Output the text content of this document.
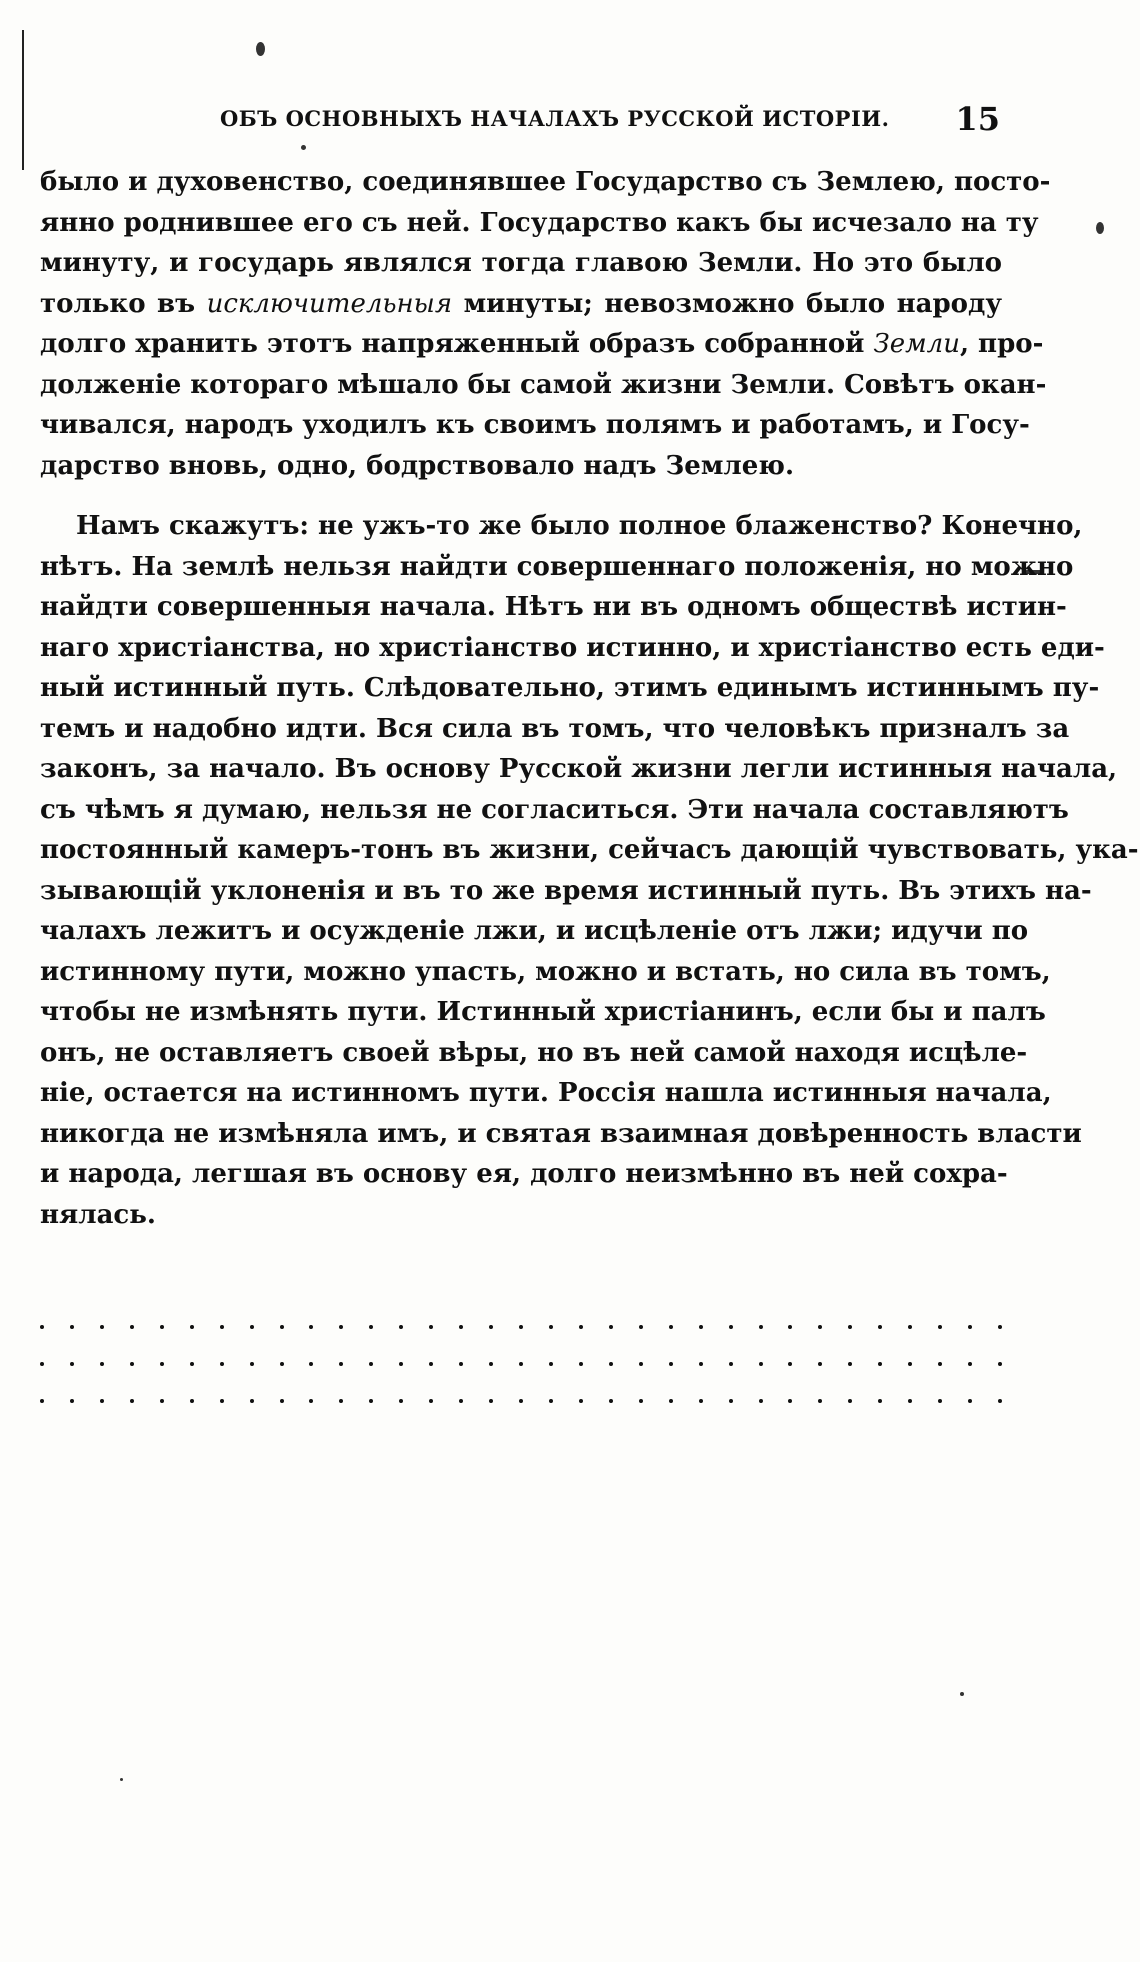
ОБЪ ОСНОВНЫХЪ НАЧАЛАХЪ РУССКОЙ ИСТОРІИ. 15
было и духовенство, соединявшее Государство съ Землею, посто-
янно роднившее его съ ней. Государство какъ бы исчезало на ту
минуту, и государь являлся тогда главою Земли. Но это было
только въ исключительныя минуты; невозможно было народу
долго хранить этотъ напряженный образъ собранной Земли, про-
долженіе котораго мѣшало бы самой жизни Земли. Совѣтъ окан-
чивался, народъ уходилъ къ своимъ полямъ и работамъ, и Госу-
дарство вновь, одно, бодрствовало надъ Землею.
Намъ скажутъ: не ужъ-то же было полное блаженство? Конечно,
нѣтъ. На землѣ нельзя найдти совершеннаго положенія, но можно
найдти совершенныя начала. Нѣтъ ни въ одномъ обществѣ истин-
наго христіанства, но христіанство истинно, и христіанство есть еди-
ный истинный путь. Слѣдовательно, этимъ единымъ истиннымъ пу-
темъ и надобно идти. Вся сила въ томъ, что человѣкъ призналъ за
законъ, за начало. Въ основу Русской жизни легли истинныя начала,
съ чѣмъ я думаю, нельзя не согласиться. Эти начала составляютъ
постоянный камеръ-тонъ въ жизни, сейчасъ дающій чувствовать, ука-
зывающій уклоненія и въ то же время истинный путь. Въ этихъ на-
чалахъ лежитъ и осужденіе лжи, и исцѣленіе отъ лжи; идучи по
истинному пути, можно упасть, можно и встать, но сила въ томъ,
чтобы не измѣнять пути. Истинный христіанинъ, если бы и палъ
онъ, не оставляетъ своей вѣры, но въ ней самой находя исцѣле-
ніе, остается на истинномъ пути. Россія нашла истинныя начала,
никогда не измѣняла имъ, и святая взаимная довѣренность власти
и народа, легшая въ основу ея, долго неизмѣнно въ ней сохра-
нялась.
